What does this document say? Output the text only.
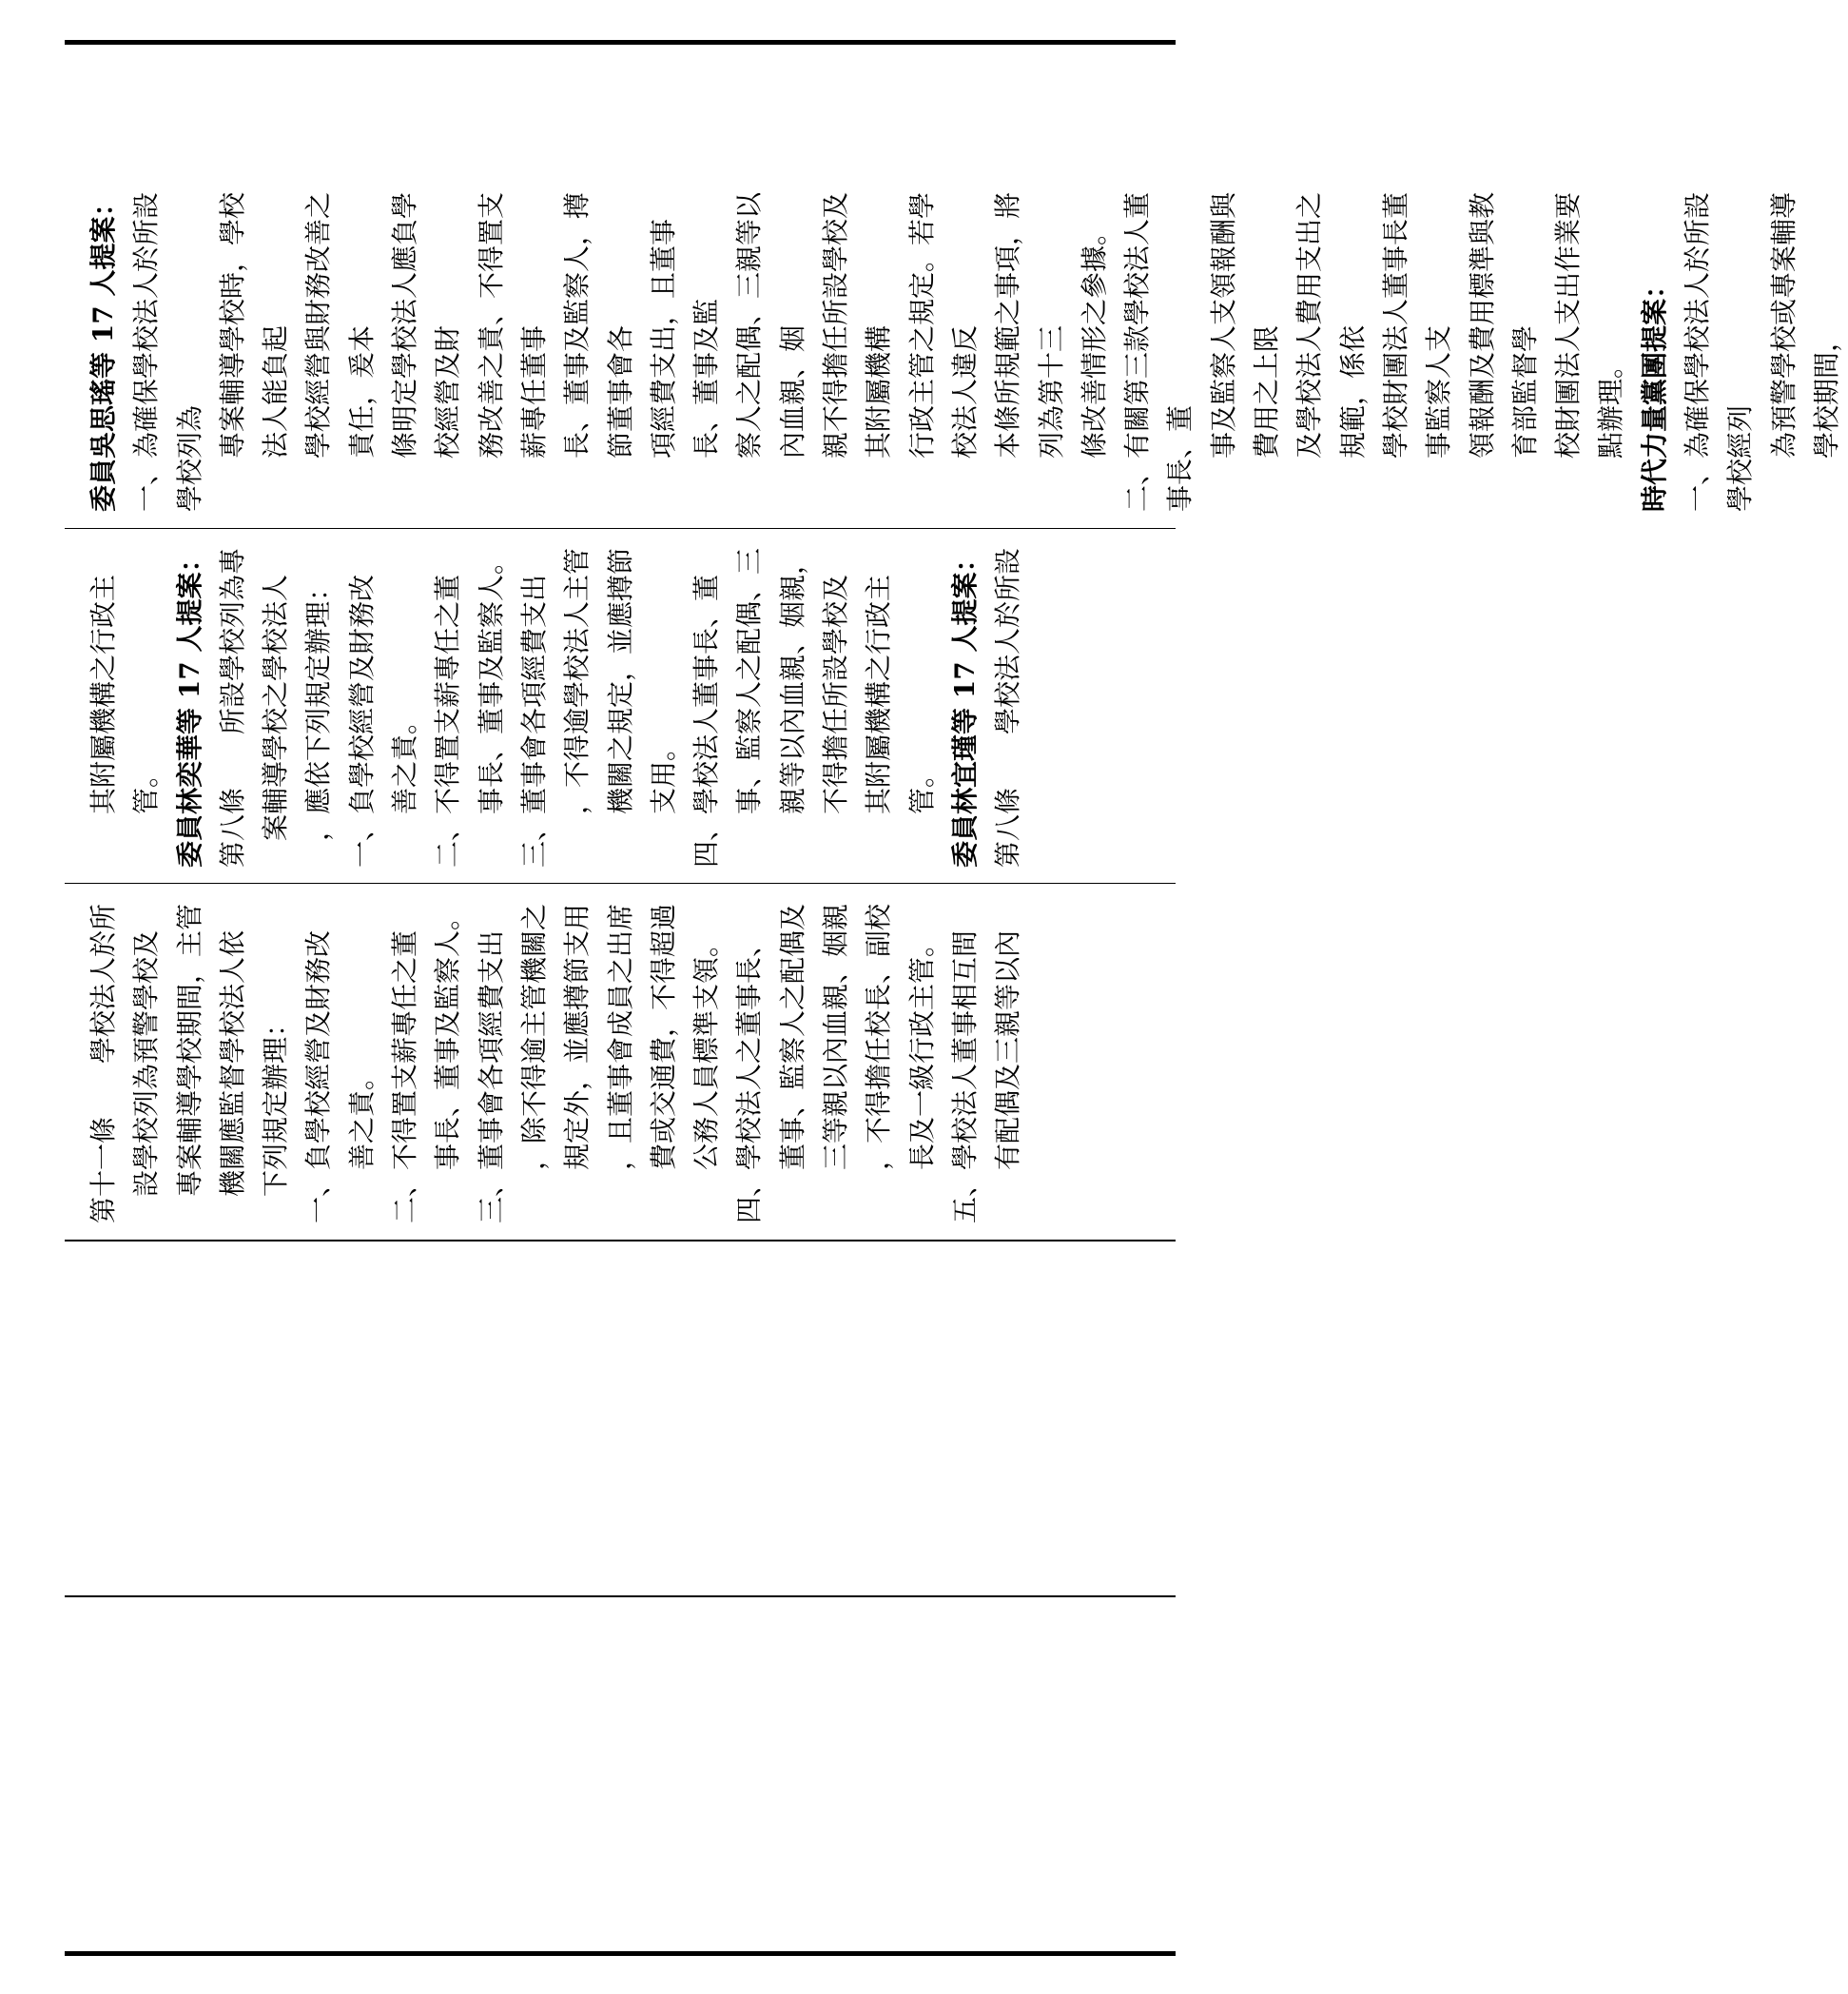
委員吳思瑤等 17 人提案： 一、為確保學校法人於所設學校列為 專案輔導學校時，學校法人能負起 學校經營與財務改善之責任，爰本 條明定學校法人應負學校經營及財 務改善之責、不得置支薪專任董事 長、董事及監察人，撙節董事會各 項經費支出，且董事長、董事及監 察人之配偶、三親等以內血親、姻 親不得擔任所設學校及其附屬機構 行政主管之規定。若學校法人違反 本條所規範之事項，將列為第十三 條改善情形之參據。 二、有關第三款學校法人董事長、董 事及監察人支領報酬與費用之上限 及學校法人費用支出之規範，係依 學校財團法人董事長董事監察人支 領報酬及費用標準與教育部監督學 校財團法人支出作業要點辦理。 時代力量黨團提案： 一、為確保學校法人於所設學校經列 為預警學校或專案輔導學校期間，

其附屬機構之行政主 管。 委員林奕華等 17 人提案： 第八條　　所設學校列為專 案輔導學校之學校法人 ，應依下列規定辦理： 一、負學校經營及財務改 善之責。 二、不得置支薪專任之董 事長、董事及監察人。 三、董事會各項經費支出 ，不得逾學校法人主管 機關之規定，並應撙節 支用。 四、學校法人董事長、董 事、監察人之配偶、三 親等以內血親、姻親， 不得擔任所設學校及 其附屬機構之行政主 管。 委員林宜瑾等 17 人提案： 第八條　　學校法人於所設

第十一條　　學校法人於所 設學校列為預警學校及 專案輔導學校期間，主管 機關應監督學校法人依 下列規定辦理： 一、負學校經營及財務改 善之責。 二、不得置支薪專任之董 事長、董事及監察人。 三、董事會各項經費支出 ，除不得逾主管機關之 規定外，並應撙節支用 ，且董事會成員之出席 費或交通費，不得超過 公務人員標準支領。 四、學校法人之董事長、 董事、監察人之配偶及 三等親以內血親、姻親 ，不得擔任校長、副校 長及一級行政主管。 五、學校法人董事相互間 有配偶及三親等以內
